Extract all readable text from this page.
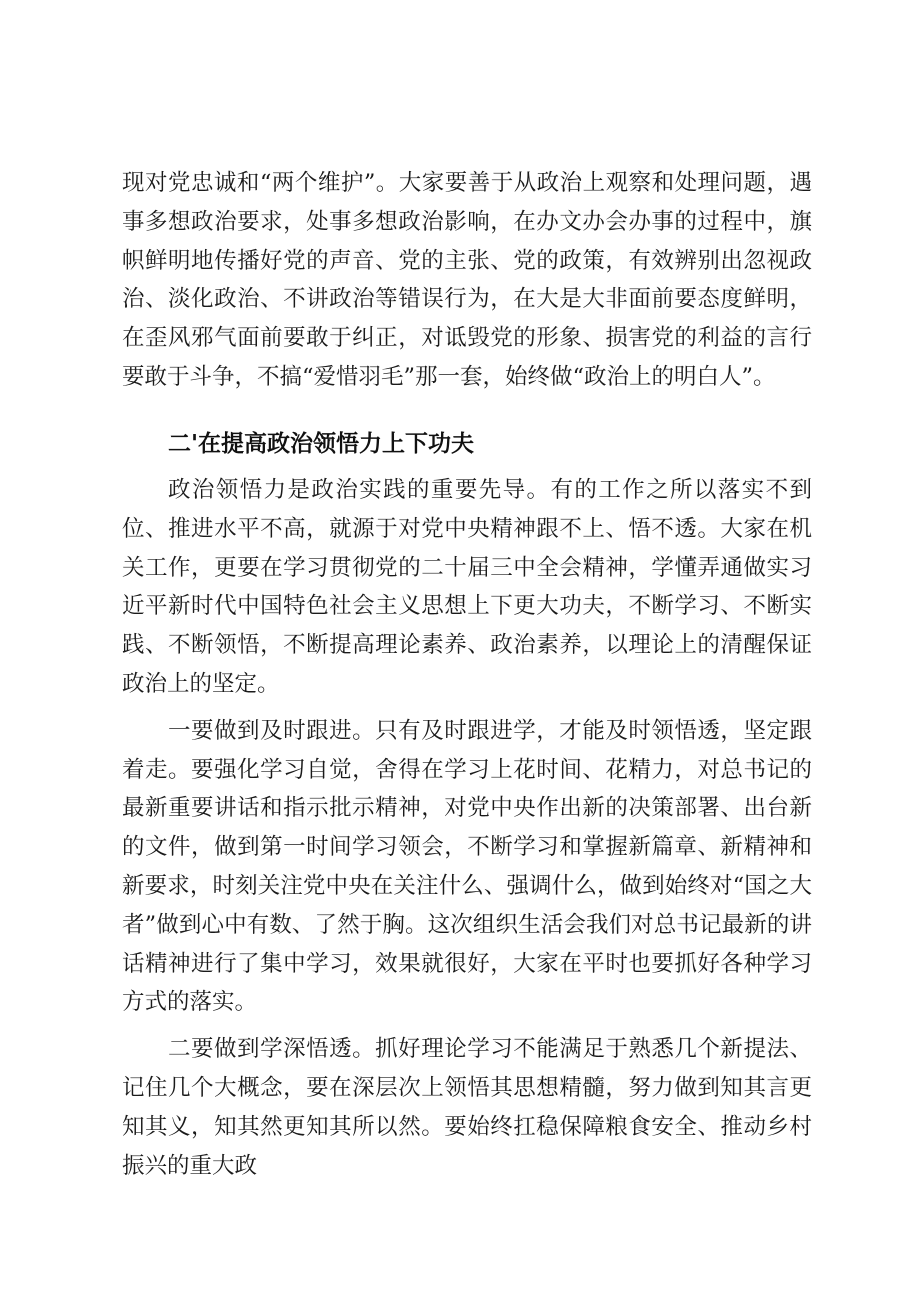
现对党忠诚和“两个维护”。大家要善于从政治上观察和处理问题，遇事多想政治要求，处事多想政治影响，在办文办会办事的过程中，旗帜鲜明地传播好党的声音、党的主张、党的政策，有效辨别出忽视政治、淡化政治、不讲政治等错误行为，在大是大非面前要态度鲜明，在歪风邪气面前要敢于纠正，对诋毁党的形象、损害党的利益的言行要敢于斗争，不搞“爱惜羽毛”那一套，始终做“政治上的明白人”。

二'在提高政治领悟力上下功夫

政治领悟力是政治实践的重要先导。有的工作之所以落实不到位、推进水平不高，就源于对党中央精神跟不上、悟不透。大家在机关工作，更要在学习贯彻党的二十届三中全会精神，学懂弄通做实习近平新时代中国特色社会主义思想上下更大功夫，不断学习、不断实践、不断领悟，不断提高理论素养、政治素养，以理论上的清醒保证政治上的坚定。

一要做到及时跟进。只有及时跟进学，才能及时领悟透，坚定跟着走。要强化学习自觉，舍得在学习上花时间、花精力，对总书记的最新重要讲话和指示批示精神，对党中央作出新的决策部署、出台新的文件，做到第一时间学习领会，不断学习和掌握新篇章、新精神和新要求，时刻关注党中央在关注什么、强调什么，做到始终对“国之大者”做到心中有数、了然于胸。这次组织生活会我们对总书记最新的讲话精神进行了集中学习，效果就很好，大家在平时也要抓好各种学习方式的落实。

二要做到学深悟透。抓好理论学习不能满足于熟悉几个新提法、记住几个大概念，要在深层次上领悟其思想精髓，努力做到知其言更知其义，知其然更知其所以然。要始终扛稳保障粮食安全、推动乡村振兴的重大政
